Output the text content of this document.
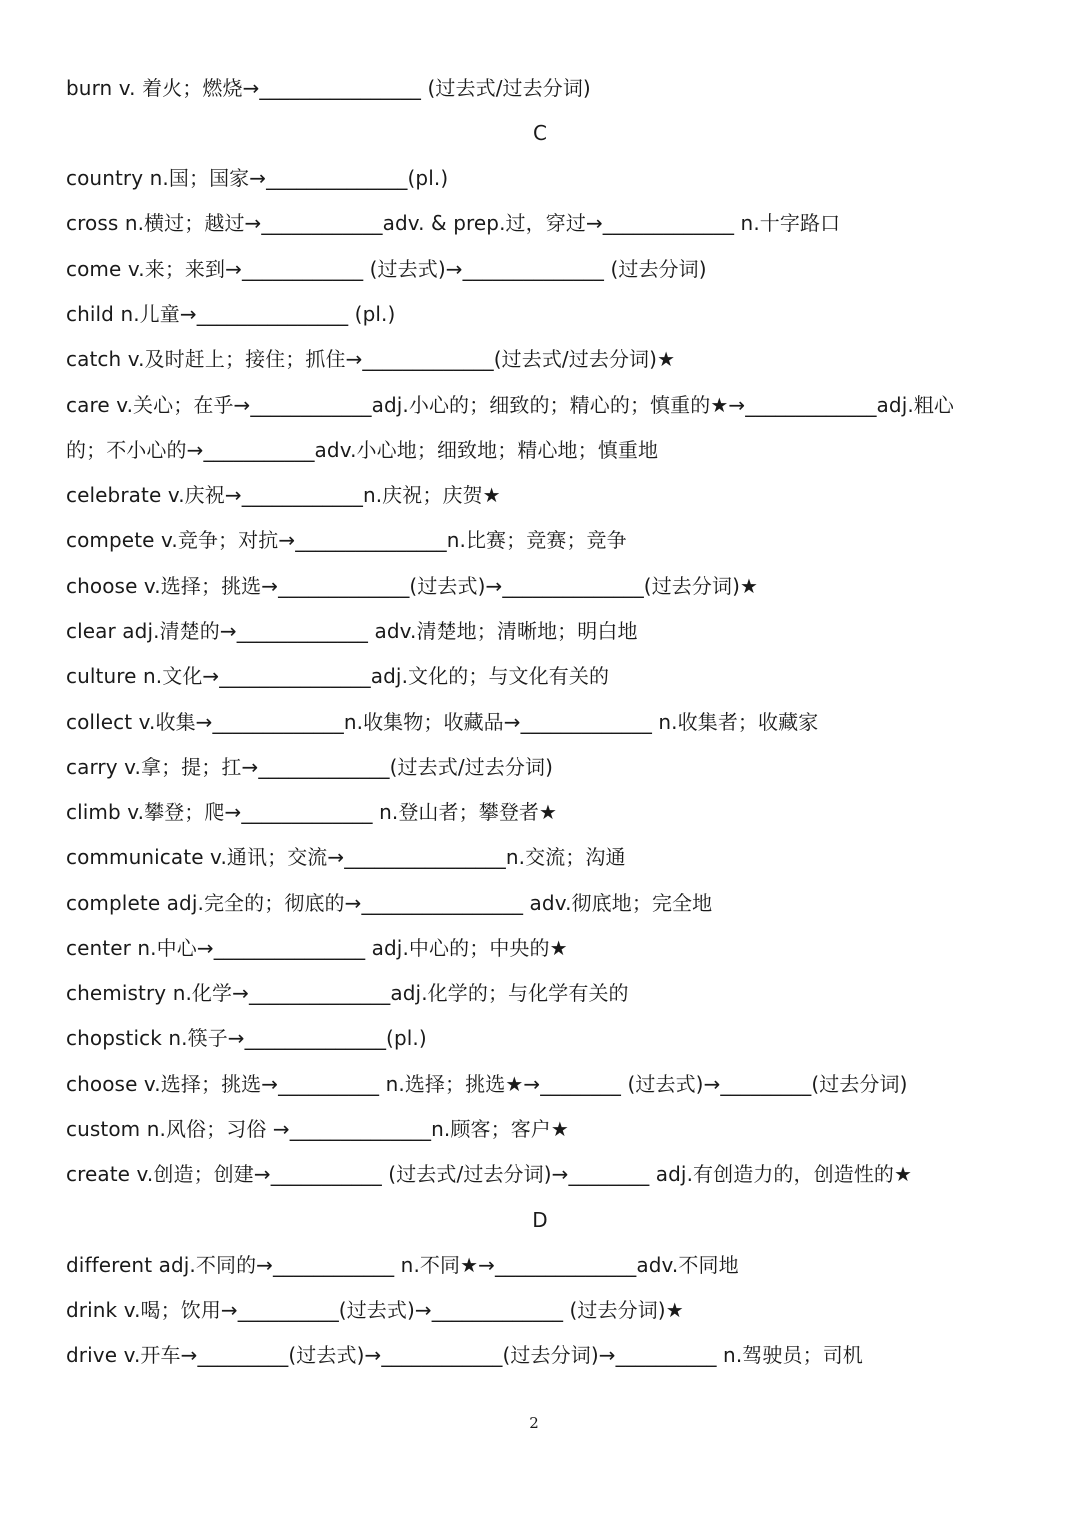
burn v. 着火；燃烧→________________ (过去式/过去分词)
C
country n.国；国家→______________(pl.)
cross n.横过；越过→____________adv. & prep.过，穿过→_____________ n.十字路口
come v.来；来到→____________ (过去式)→______________ (过去分词)
child n.儿童→_______________ (pl.)
catch v.及时赶上；接住；抓住→_____________(过去式/过去分词)★
care v.关心；在乎→____________adj.小心的；细致的；精心的；慎重的★→_____________adj.粗心
的；不小心的→___________adv.小心地；细致地；精心地；慎重地
celebrate v.庆祝→____________n.庆祝；庆贺★
compete v.竞争；对抗→_______________n.比赛；竞赛；竞争
choose v.选择；挑选→_____________(过去式)→______________(过去分词)★
clear adj.清楚的→_____________ adv.清楚地；清晰地；明白地
culture n.文化→_______________adj.文化的；与文化有关的
collect v.收集→_____________n.收集物；收藏品→_____________ n.收集者；收藏家
carry v.拿；提；扛→_____________(过去式/过去分词)
climb v.攀登；爬→_____________ n.登山者；攀登者★
communicate v.通讯；交流→________________n.交流；沟通
complete adj.完全的；彻底的→________________ adv.彻底地；完全地
center n.中心→_______________ adj.中心的；中央的★
chemistry n.化学→______________adj.化学的；与化学有关的
chopstick n.筷子→______________(pl.)
choose v.选择；挑选→__________ n.选择；挑选★→________ (过去式)→_________(过去分词)
custom n.风俗；习俗 →______________n.顾客；客户★
create v.创造；创建→___________ (过去式/过去分词)→________ adj.有创造力的，创造性的★
D
different adj.不同的→____________ n.不同★→______________adv.不同地
drink v.喝；饮用→__________(过去式)→_____________ (过去分词)★
drive v.开车→_________(过去式)→____________(过去分词)→__________ n.驾驶员；司机
2
